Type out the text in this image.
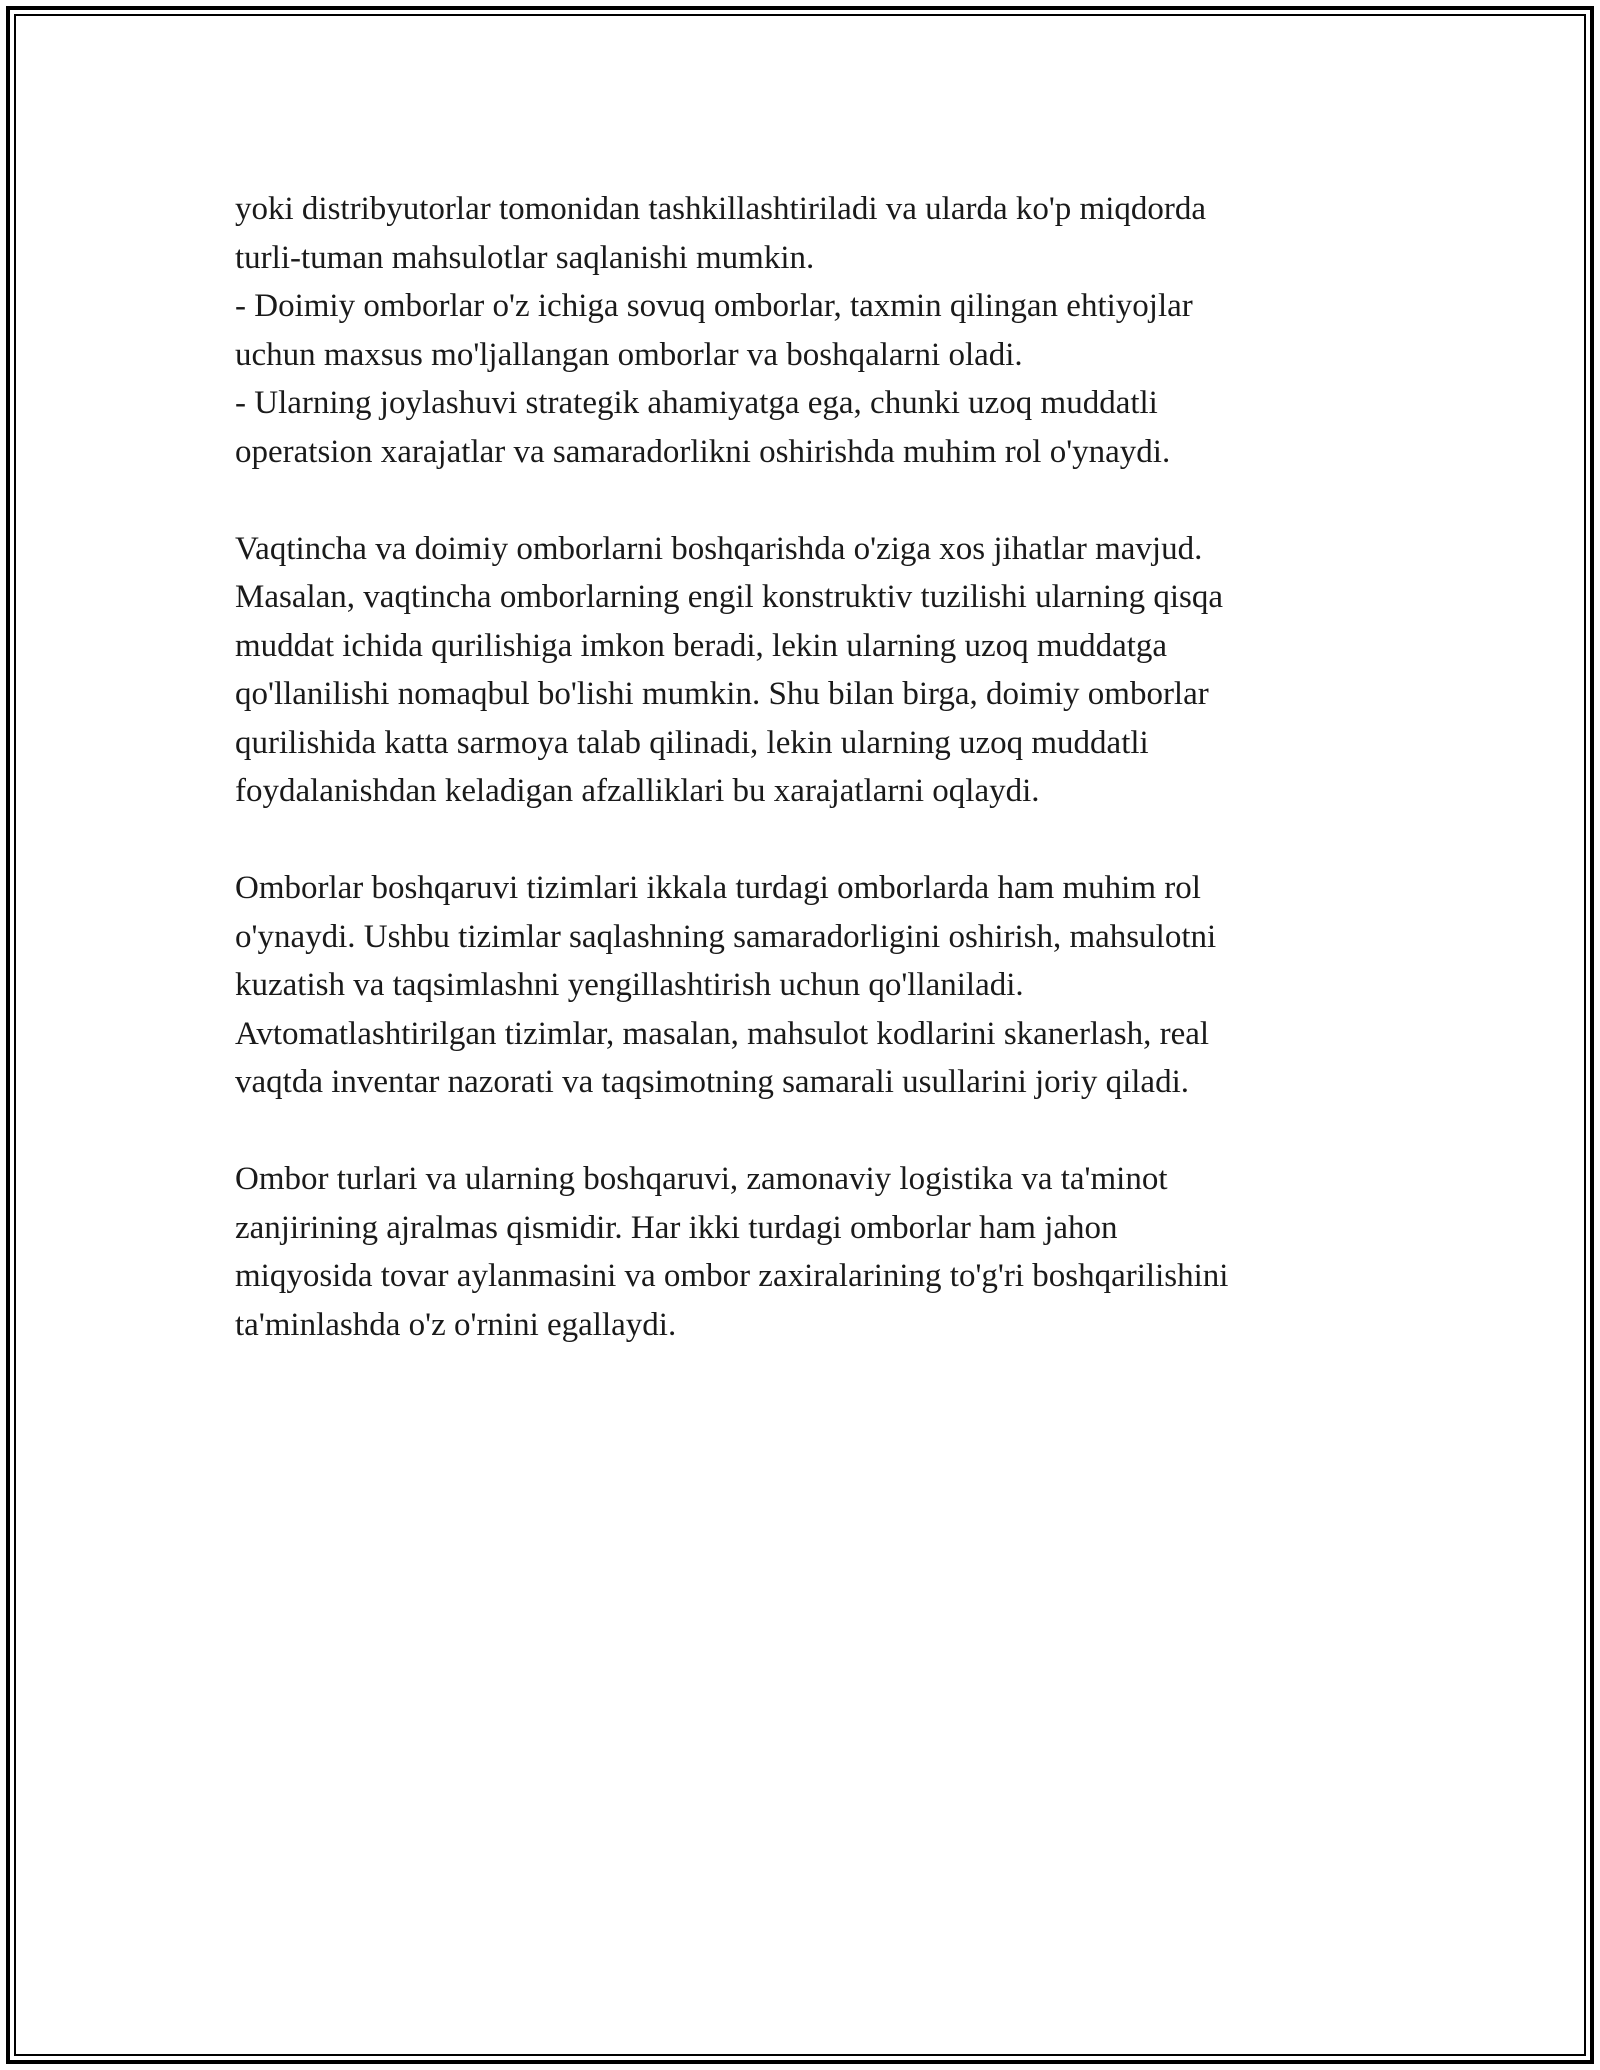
yoki distribyutorlar tomonidan tashkillashtiriladi va ularda ko'p miqdorda
turli-tuman mahsulotlar saqlanishi mumkin.
- Doimiy omborlar o'z ichiga sovuq omborlar, taxmin qilingan ehtiyojlar
uchun maxsus mo'ljallangan omborlar va boshqalarni oladi.
- Ularning joylashuvi strategik ahamiyatga ega, chunki uzoq muddatli
operatsion xarajatlar va samaradorlikni oshirishda muhim rol o'ynaydi.

Vaqtincha va doimiy omborlarni boshqarishda o'ziga xos jihatlar mavjud.
Masalan, vaqtincha omborlarning engil konstruktiv tuzilishi ularning qisqa
muddat ichida qurilishiga imkon beradi, lekin ularning uzoq muddatga
qo'llanilishi nomaqbul bo'lishi mumkin. Shu bilan birga, doimiy omborlar
qurilishida katta sarmoya talab qilinadi, lekin ularning uzoq muddatli
foydalanishdan keladigan afzalliklari bu xarajatlarni oqlaydi.

Omborlar boshqaruvi tizimlari ikkala turdagi omborlarda ham muhim rol
o'ynaydi. Ushbu tizimlar saqlashning samaradorligini oshirish, mahsulotni
kuzatish va taqsimlashni yengillashtirish uchun qo'llaniladi.
Avtomatlashtirilgan tizimlar, masalan, mahsulot kodlarini skanerlash, real
vaqtda inventar nazorati va taqsimotning samarali usullarini joriy qiladi.

Ombor turlari va ularning boshqaruvi, zamonaviy logistika va ta'minot
zanjirining ajralmas qismidir. Har ikki turdagi omborlar ham jahon
miqyosida tovar aylanmasini va ombor zaxiralarining to'g'ri boshqarilishini
ta'minlashda o'z o'rnini egallaydi.
